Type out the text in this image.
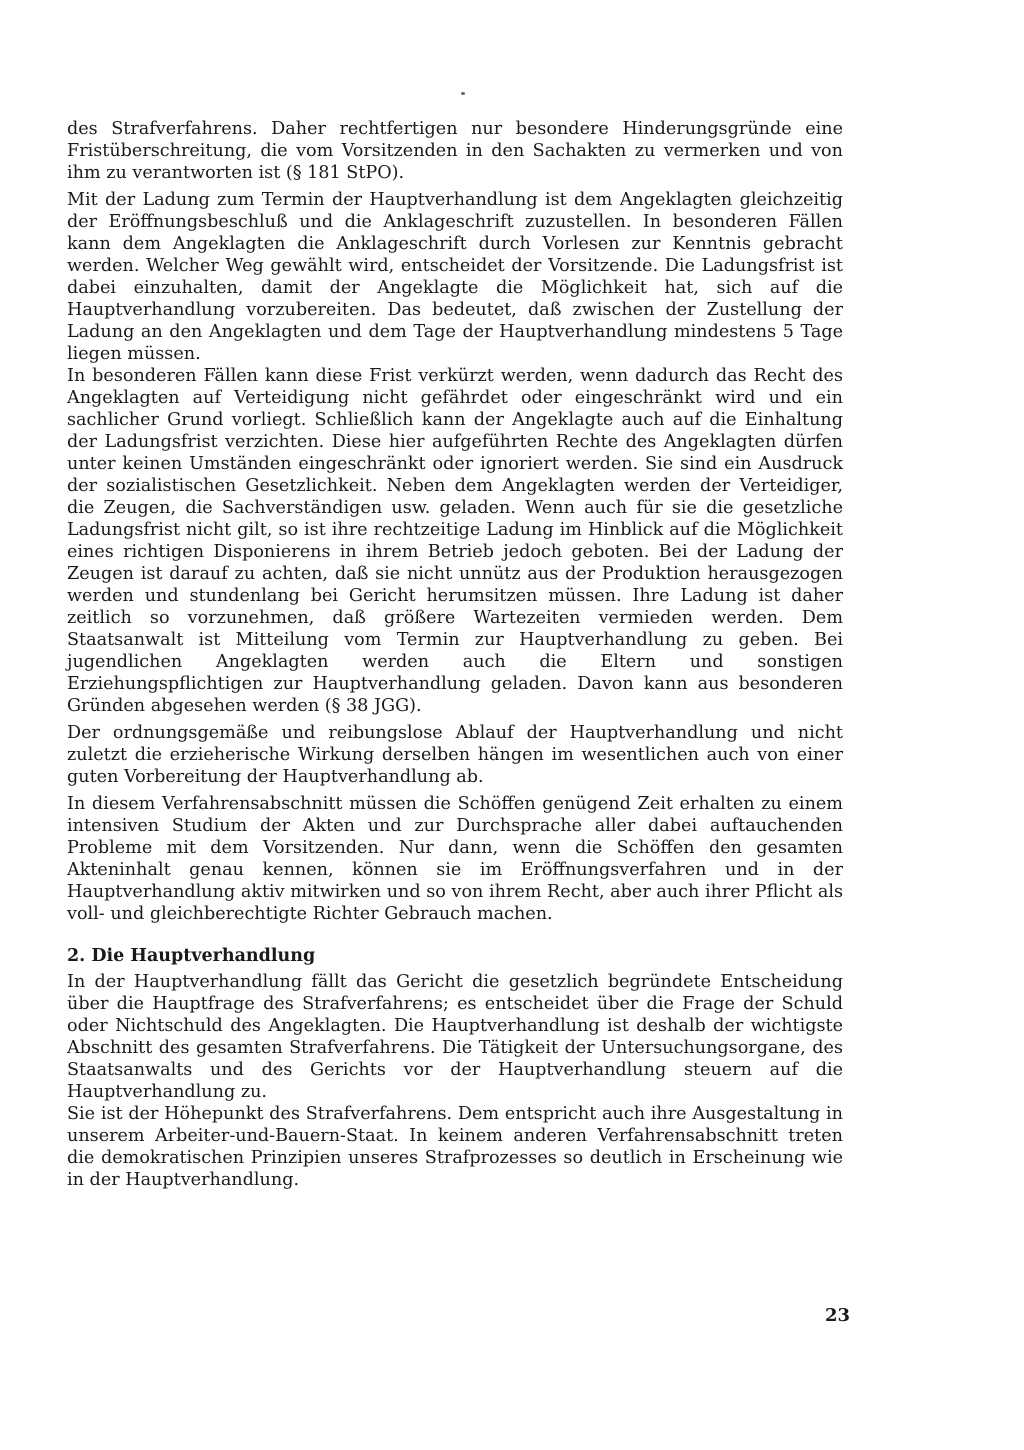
des Strafverfahrens. Daher rechtfertigen nur besondere Hinderungsgründe eine Fristüberschreitung, die vom Vorsitzenden in den Sachakten zu vermerken und von ihm zu verantworten ist (§ 181 StPO).

Mit der Ladung zum Termin der Hauptverhandlung ist dem Angeklagten gleichzeitig der Eröffnungsbeschluß und die Anklageschrift zuzustellen. In besonderen Fällen kann dem Angeklagten die Anklageschrift durch Vorlesen zur Kenntnis gebracht werden. Welcher Weg gewählt wird, entscheidet der Vorsitzende. Die Ladungsfrist ist dabei einzuhalten, damit der Angeklagte die Möglichkeit hat, sich auf die Hauptverhandlung vorzubereiten. Das bedeutet, daß zwischen der Zustellung der Ladung an den Angeklagten und dem Tage der Hauptverhandlung mindestens 5 Tage liegen müssen.

In besonderen Fällen kann diese Frist verkürzt werden, wenn dadurch das Recht des Angeklagten auf Verteidigung nicht gefährdet oder eingeschränkt wird und ein sachlicher Grund vorliegt. Schließlich kann der Angeklagte auch auf die Einhaltung der Ladungsfrist verzichten. Diese hier aufgeführten Rechte des Angeklagten dürfen unter keinen Umständen eingeschränkt oder ignoriert werden. Sie sind ein Ausdruck der sozialistischen Gesetzlichkeit. Neben dem Angeklagten werden der Verteidiger, die Zeugen, die Sachverständigen usw. geladen. Wenn auch für sie die gesetzliche Ladungsfrist nicht gilt, so ist ihre rechtzeitige Ladung im Hinblick auf die Möglichkeit eines richtigen Disponierens in ihrem Betrieb jedoch geboten. Bei der Ladung der Zeugen ist darauf zu achten, daß sie nicht unnütz aus der Produktion herausgezogen werden und stundenlang bei Gericht herumsitzen müssen. Ihre Ladung ist daher zeitlich so vorzunehmen, daß größere Wartezeiten vermieden werden. Dem Staatsanwalt ist Mitteilung vom Termin zur Hauptverhandlung zu geben. Bei jugendlichen Angeklagten werden auch die Eltern und sonstigen Erziehungspflichtigen zur Hauptverhandlung geladen. Davon kann aus besonderen Gründen abgesehen werden (§ 38 JGG).

Der ordnungsgemäße und reibungslose Ablauf der Hauptverhandlung und nicht zuletzt die erzieherische Wirkung derselben hängen im wesentlichen auch von einer guten Vorbereitung der Hauptverhandlung ab.

In diesem Verfahrensabschnitt müssen die Schöffen genügend Zeit erhalten zu einem intensiven Studium der Akten und zur Durchsprache aller dabei auftauchenden Probleme mit dem Vorsitzenden. Nur dann, wenn die Schöffen den gesamten Akteninhalt genau kennen, können sie im Eröffnungsverfahren und in der Hauptverhandlung aktiv mitwirken und so von ihrem Recht, aber auch ihrer Pflicht als voll- und gleichberechtigte Richter Gebrauch machen.

2. Die Hauptverhandlung

In der Hauptverhandlung fällt das Gericht die gesetzlich begründete Entscheidung über die Hauptfrage des Strafverfahrens; es entscheidet über die Frage der Schuld oder Nichtschuld des Angeklagten. Die Hauptverhandlung ist deshalb der wichtigste Abschnitt des gesamten Strafverfahrens. Die Tätigkeit der Untersuchungsorgane, des Staatsanwalts und des Gerichts vor der Hauptverhandlung steuern auf die Hauptverhandlung zu.

Sie ist der Höhepunkt des Strafverfahrens. Dem entspricht auch ihre Ausgestaltung in unserem Arbeiter-und-Bauern-Staat. In keinem anderen Verfahrensabschnitt treten die demokratischen Prinzipien unseres Strafprozesses so deutlich in Erscheinung wie in der Hauptverhandlung.

23
